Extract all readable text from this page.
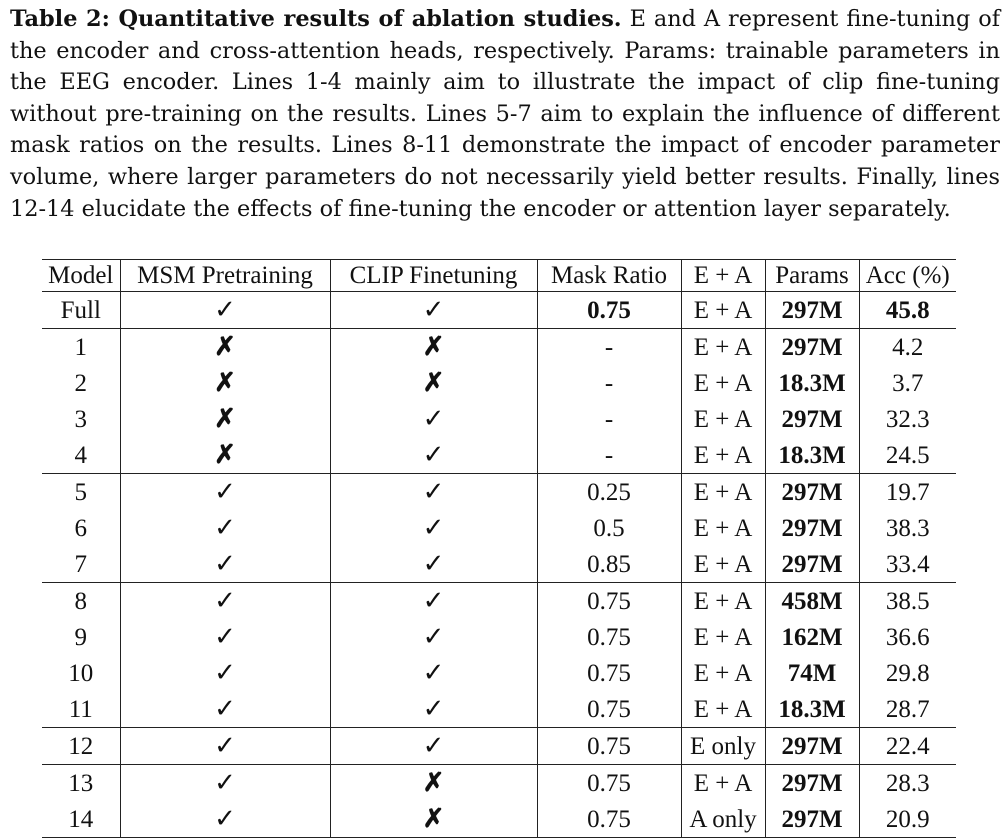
Table 2: Quantitative results of ablation studies. E and A represent fine-tuning of the encoder and cross-attention heads, respectively. Params: trainable parameters in the EEG encoder. Lines 1-4 mainly aim to illustrate the impact of clip fine-tuning without pre-training on the results. Lines 5-7 aim to explain the influence of different mask ratios on the results. Lines 8-11 demonstrate the impact of encoder parameter volume, where larger parameters do not necessarily yield better results. Finally, lines 12-14 elucidate the effects of fine-tuning the encoder or attention layer separately.
Model	MSM Pretraining	CLIP Finetuning	Mask Ratio	E + A	Params	Acc (%)
Full	✓	✓	0.75	E + A	297M	45.8
1	✗	✗	-	E + A	297M	4.2
2	✗	✗	-	E + A	18.3M	3.7
3	✗	✓	-	E + A	297M	32.3
4	✗	✓	-	E + A	18.3M	24.5
5	✓	✓	0.25	E + A	297M	19.7
6	✓	✓	0.5	E + A	297M	38.3
7	✓	✓	0.85	E + A	297M	33.4
8	✓	✓	0.75	E + A	458M	38.5
9	✓	✓	0.75	E + A	162M	36.6
10	✓	✓	0.75	E + A	74M	29.8
11	✓	✓	0.75	E + A	18.3M	28.7
12	✓	✓	0.75	E only	297M	22.4
13	✓	✗	0.75	E + A	297M	28.3
14	✓	✗	0.75	A only	297M	20.9
